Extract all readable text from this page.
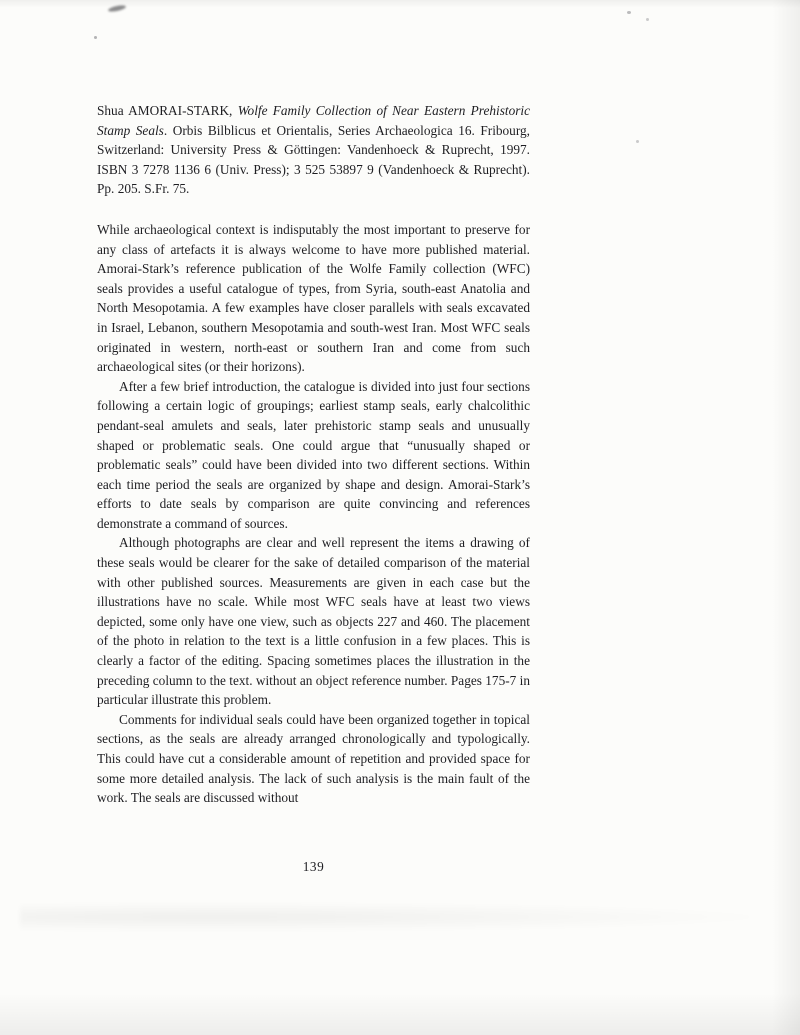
Shua AMORAI-STARK, Wolfe Family Collection of Near Eastern Prehistoric Stamp Seals. Orbis Bilblicus et Orientalis, Series Archaeologica 16. Fribourg, Switzerland: University Press & Göttingen: Vandenhoeck & Ruprecht, 1997. ISBN 3 7278 1136 6 (Univ. Press); 3 525 53897 9 (Vandenhoeck & Ruprecht). Pp. 205. S.Fr. 75.

While archaeological context is indisputably the most important to preserve for any class of artefacts it is always welcome to have more published material. Amorai-Stark’s reference publication of the Wolfe Family collection (WFC) seals provides a useful catalogue of types, from Syria, south-east Anatolia and North Mesopotamia. A few examples have closer parallels with seals excavated in Israel, Lebanon, southern Mesopotamia and south-west Iran. Most WFC seals originated in western, north-east or southern Iran and come from such archaeological sites (or their horizons).

After a few brief introduction, the catalogue is divided into just four sections following a certain logic of groupings; earliest stamp seals, early chalcolithic pendant-seal amulets and seals, later prehistoric stamp seals and unusually shaped or problematic seals. One could argue that “unusually shaped or problematic seals” could have been divided into two different sections. Within each time period the seals are organized by shape and design. Amorai-Stark’s efforts to date seals by comparison are quite convincing and references demonstrate a command of sources.

Although photographs are clear and well represent the items a drawing of these seals would be clearer for the sake of detailed comparison of the material with other published sources. Measurements are given in each case but the illustrations have no scale. While most WFC seals have at least two views depicted, some only have one view, such as objects 227 and 460. The placement of the photo in relation to the text is a little confusion in a few places. This is clearly a factor of the editing. Spacing sometimes places the illustration in the preceding column to the text. without an object reference number. Pages 175-7 in particular illustrate this problem.

Comments for individual seals could have been organized together in topical sections, as the seals are already arranged chronologically and typologically. This could have cut a considerable amount of repetition and provided space for some more detailed analysis. The lack of such analysis is the main fault of the work. The seals are discussed without

139
